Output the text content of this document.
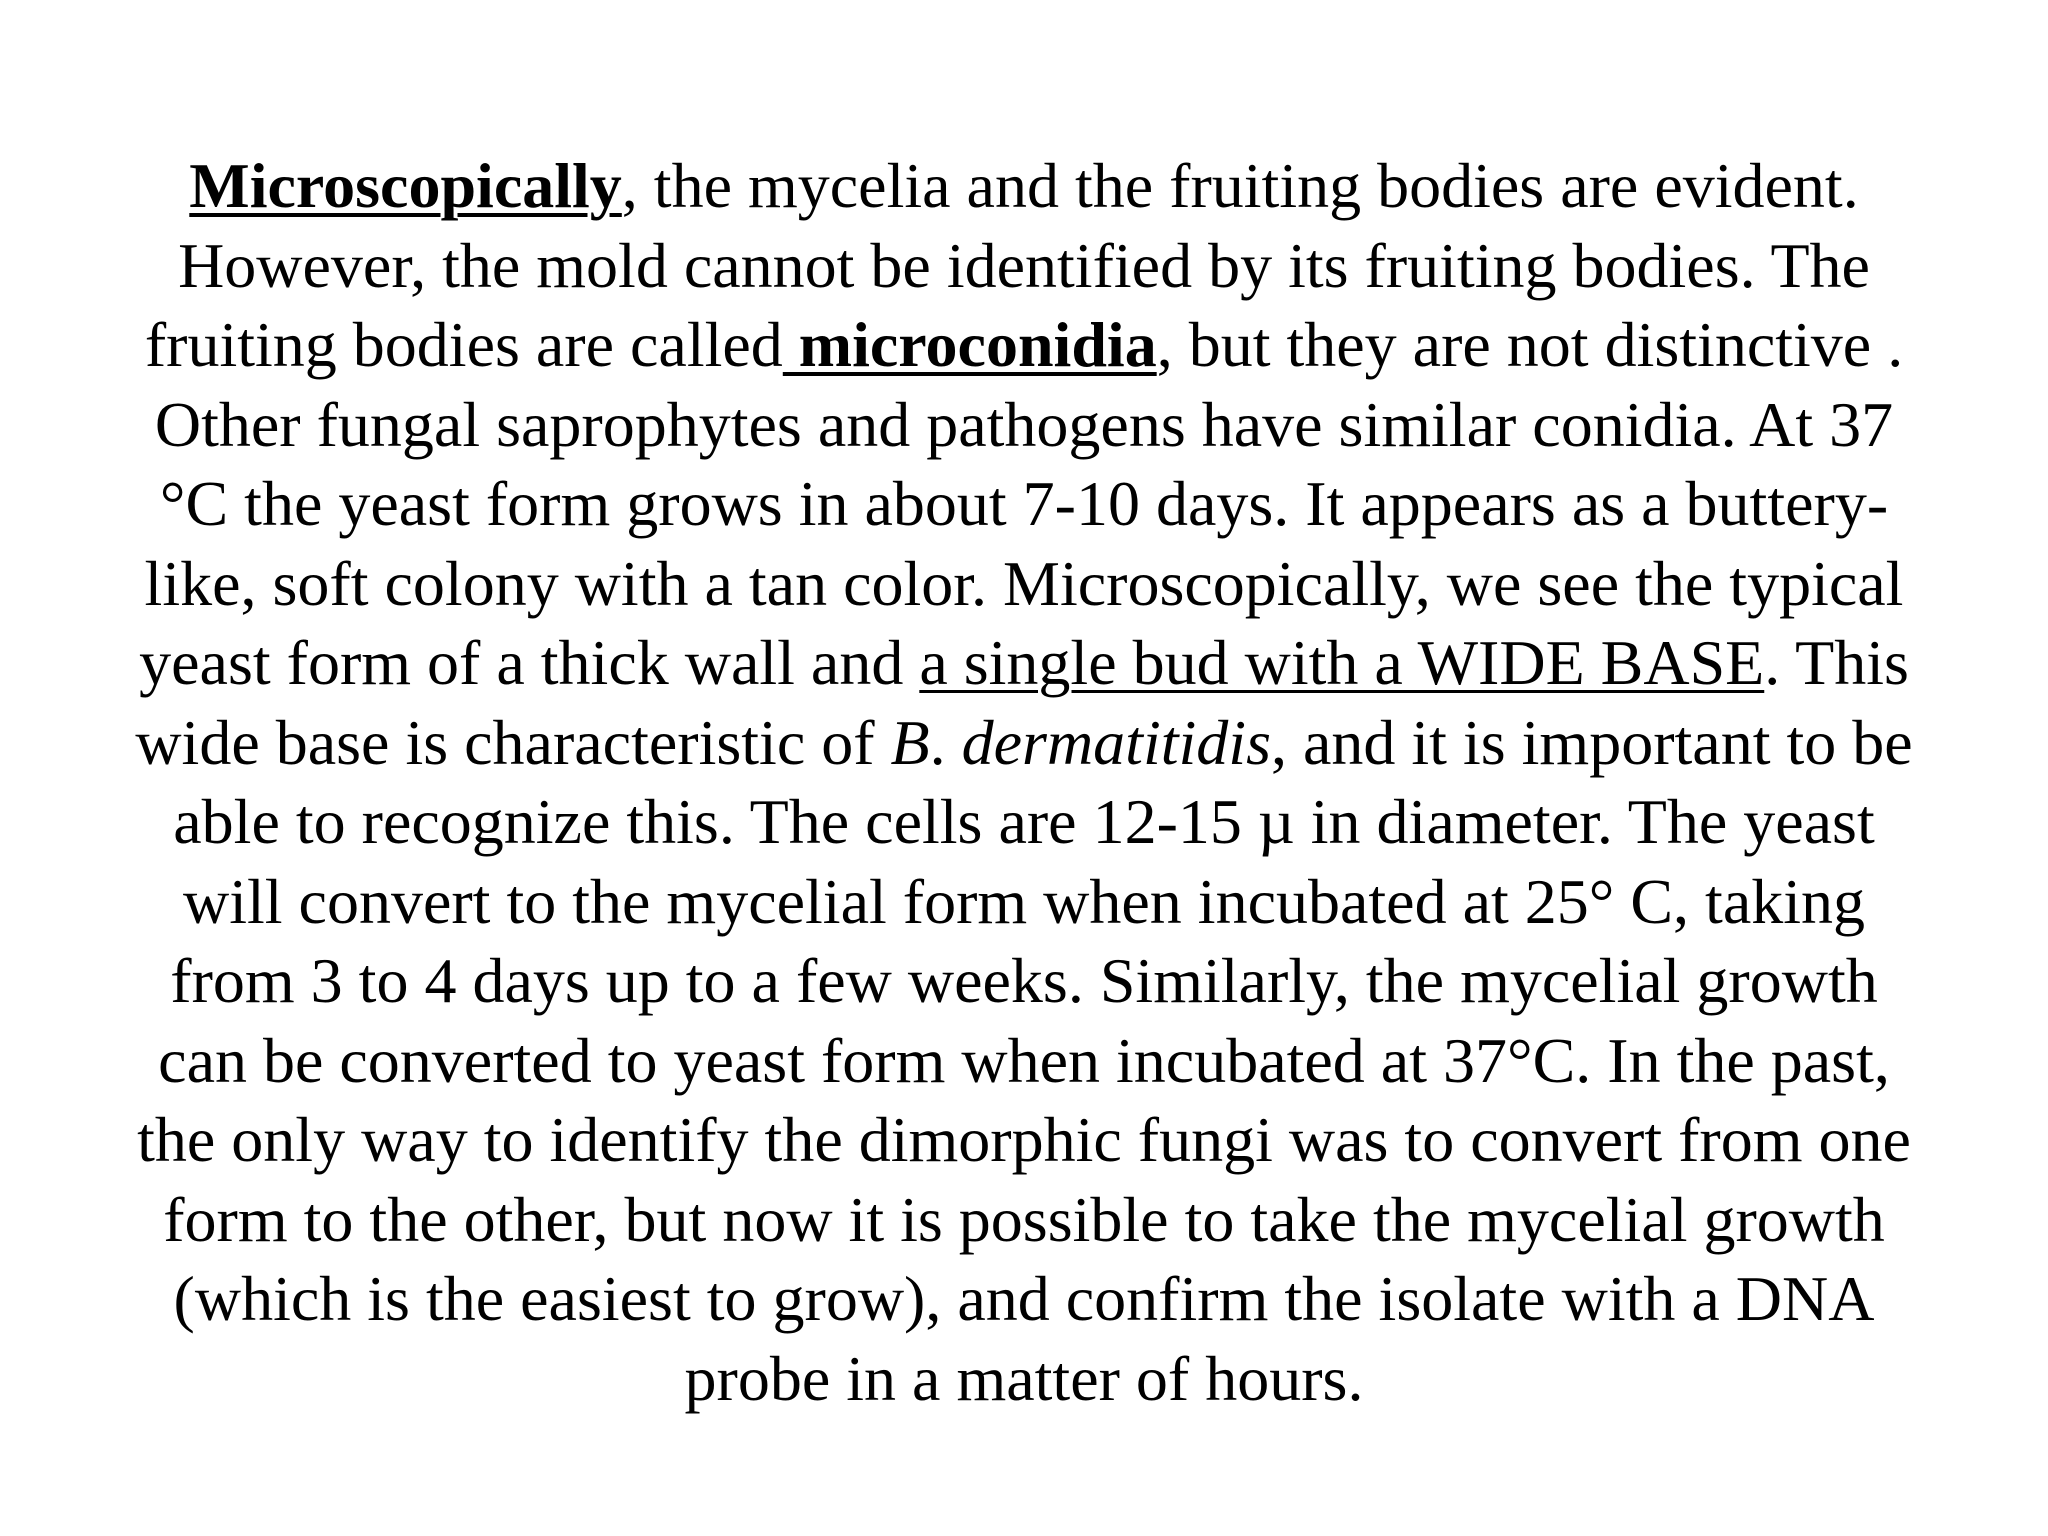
Microscopically, the mycelia and the fruiting bodies are evident.
However, the mold cannot be identified by its fruiting bodies. The
fruiting bodies are called microconidia, but they are not distinctive .
Other fungal saprophytes and pathogens have similar conidia. At 37
°C the yeast form grows in about 7-10 days. It appears as a buttery-
like, soft colony with a tan color. Microscopically, we see the typical
yeast form of a thick wall and a single bud with a WIDE BASE. This
wide base is characteristic of B. dermatitidis, and it is important to be
able to recognize this. The cells are 12-15 µ in diameter. The yeast
will convert to the mycelial form when incubated at 25° C, taking
from 3 to 4 days up to a few weeks. Similarly, the mycelial growth
can be converted to yeast form when incubated at 37°C. In the past,
the only way to identify the dimorphic fungi was to convert from one
form to the other, but now it is possible to take the mycelial growth
(which is the easiest to grow), and confirm the isolate with a DNA
probe in a matter of hours.
